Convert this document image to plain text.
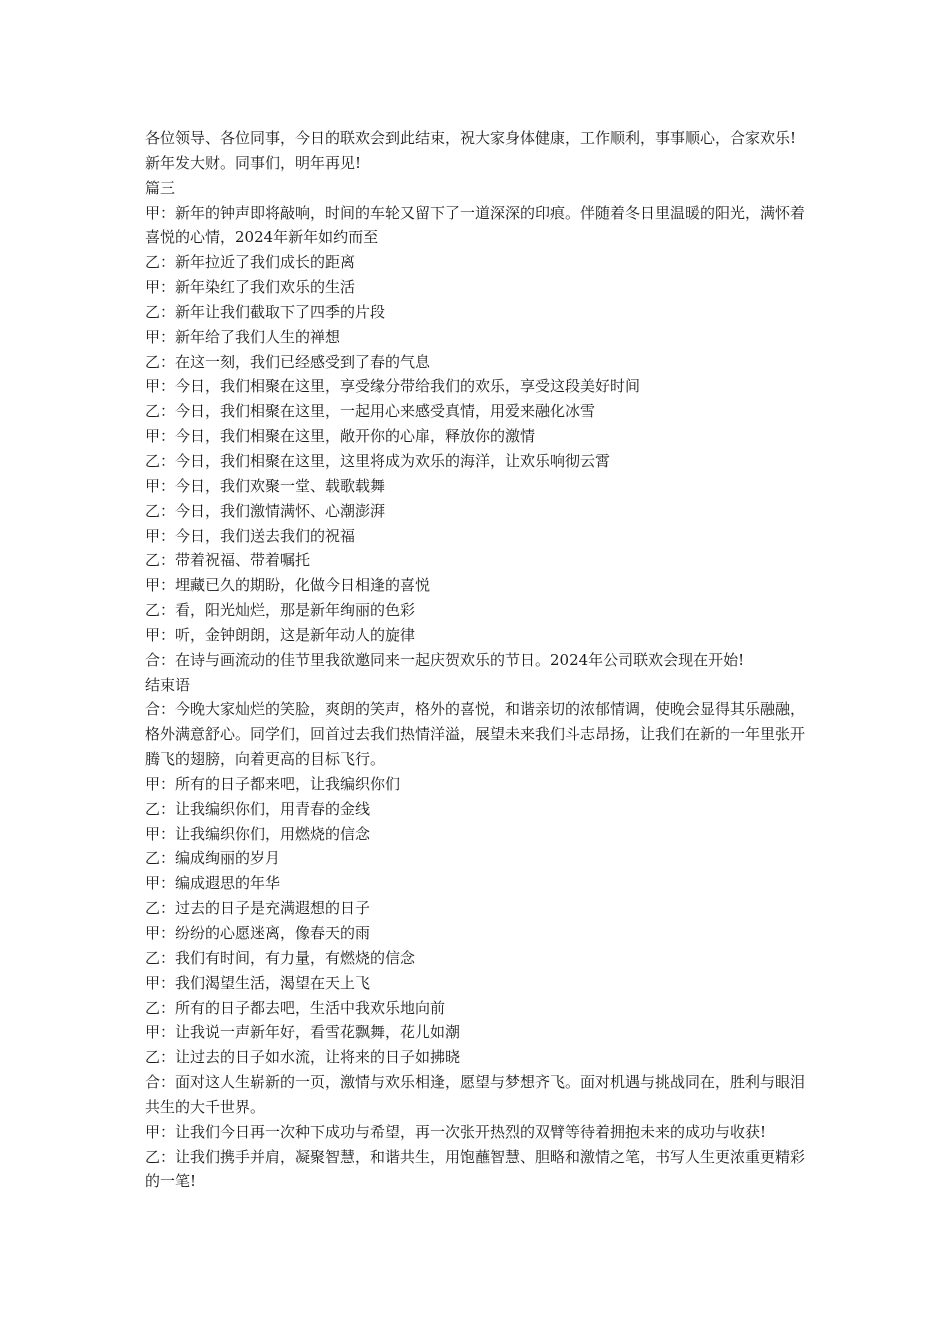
各位领导、各位同事，今日的联欢会到此结束，祝大家身体健康，工作顺利，事事顺心，合家欢乐!新年发大财。同事们，明年再见!

篇三

甲：新年的钟声即将敲响，时间的车轮又留下了一道深深的印痕。伴随着冬日里温暖的阳光，满怀着喜悦的心情，2024年新年如约而至

乙：新年拉近了我们成长的距离

甲：新年染红了我们欢乐的生活

乙：新年让我们截取下了四季的片段

甲：新年给了我们人生的禅想

乙：在这一刻，我们已经感受到了春的气息

甲：今日，我们相聚在这里，享受缘分带给我们的欢乐，享受这段美好时间

乙：今日，我们相聚在这里，一起用心来感受真情，用爱来融化冰雪

甲：今日，我们相聚在这里，敞开你的心扉，释放你的激情

乙：今日，我们相聚在这里，这里将成为欢乐的海洋，让欢乐响彻云霄

甲：今日，我们欢聚一堂、载歌载舞

乙：今日，我们激情满怀、心潮澎湃

甲：今日，我们送去我们的祝福

乙：带着祝福、带着嘱托

甲：埋藏已久的期盼，化做今日相逢的喜悦

乙：看，阳光灿烂，那是新年绚丽的色彩

甲：听，金钟朗朗，这是新年动人的旋律

合：在诗与画流动的佳节里我欲邀同来一起庆贺欢乐的节日。2024年公司联欢会现在开始!

结束语

合：今晚大家灿烂的笑脸，爽朗的笑声，格外的喜悦，和谐亲切的浓郁情调，使晚会显得其乐融融，格外满意舒心。同学们，回首过去我们热情洋溢，展望未来我们斗志昂扬，让我们在新的一年里张开腾飞的翅膀，向着更高的目标飞行。

甲：所有的日子都来吧，让我编织你们

乙：让我编织你们，用青春的金线

甲：让我编织你们，用燃烧的信念

乙：编成绚丽的岁月

甲：编成遐思的年华

乙：过去的日子是充满遐想的日子

甲：纷纷的心愿迷离，像春天的雨

乙：我们有时间，有力量，有燃烧的信念

甲：我们渴望生活，渴望在天上飞

乙：所有的日子都去吧，生活中我欢乐地向前

甲：让我说一声新年好，看雪花飘舞，花儿如潮

乙：让过去的日子如水流，让将来的日子如拂晓

合：面对这人生崭新的一页，激情与欢乐相逢，愿望与梦想齐飞。面对机遇与挑战同在，胜利与眼泪共生的大千世界。

甲：让我们今日再一次种下成功与希望，再一次张开热烈的双臂等待着拥抱未来的成功与收获!

乙：让我们携手并肩，凝聚智慧，和谐共生，用饱蘸智慧、胆略和激情之笔，书写人生更浓重更精彩的一笔!
